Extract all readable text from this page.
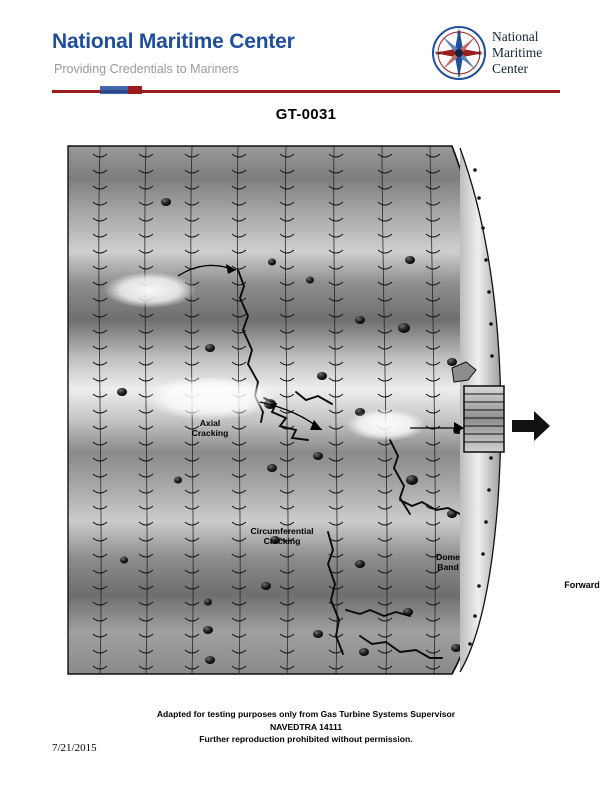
National Maritime Center
Providing Credentials to Mariners
N
S
E
W
National
Maritime
Center
GT-0031
Axial
Cracking
Circumferential
Cracking
Dome
Band
Forward
Adapted for testing purposes only from Gas Turbine Systems Supervisor
NAVEDTRA 14111
Further reproduction prohibited without permission.
7/21/2015
